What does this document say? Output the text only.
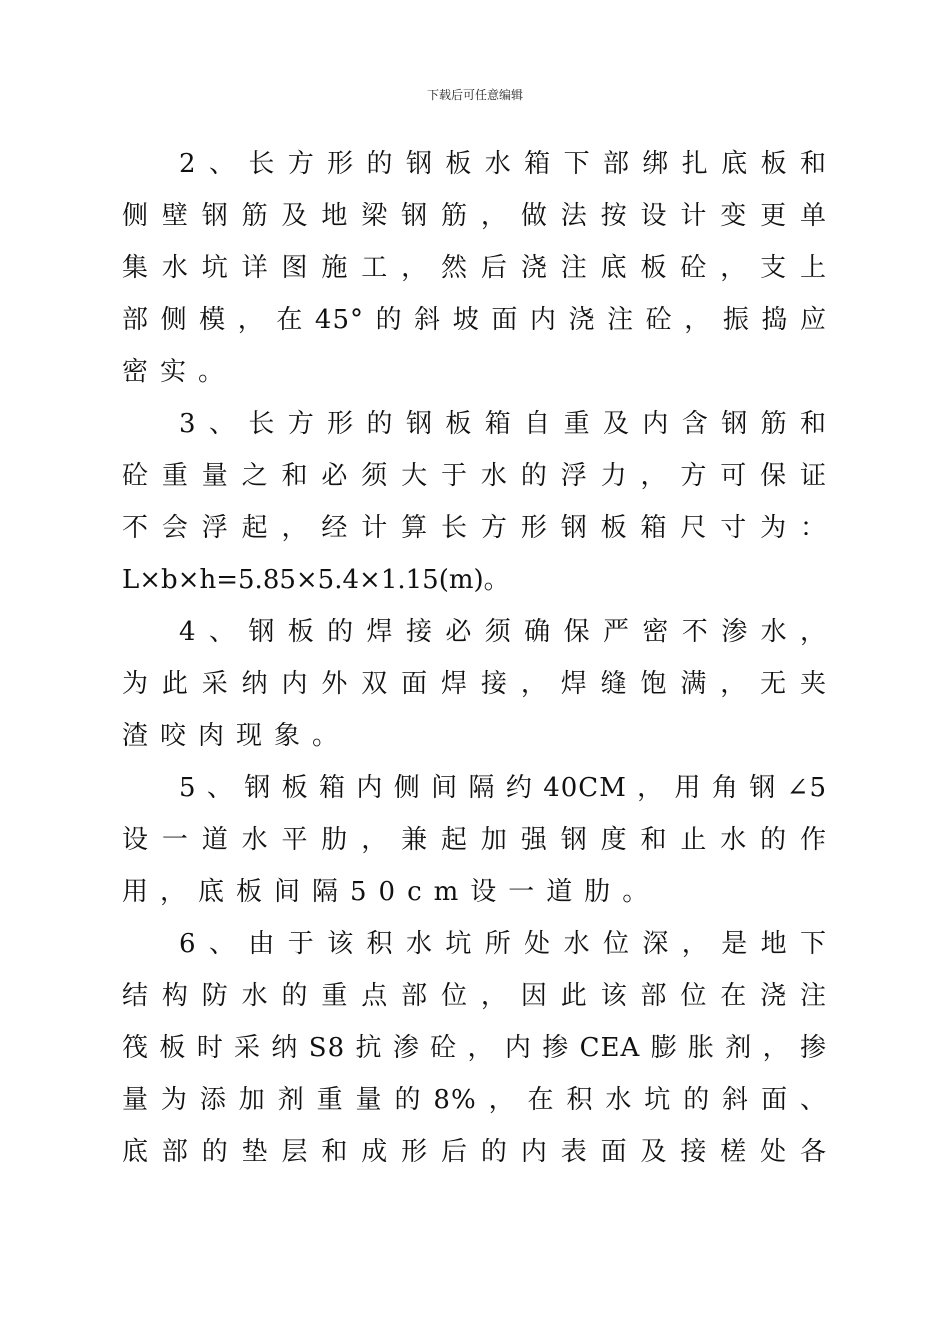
下载后可任意编辑
2、长方形的钢板水箱下部绑扎底板和
侧壁钢筋及地梁钢筋，做法按设计变更单
集水坑详图施工，然后浇注底板砼，支上
部侧模，在45°的斜坡面内浇注砼，振捣应
密实。
3、长方形的钢板箱自重及内含钢筋和
砼重量之和必须大于水的浮力，方可保证
不会浮起，经计算长方形钢板箱尺寸为：
L×b×h=5.85×5.4×1.15(m)。
4、钢板的焊接必须确保严密不渗水，
为此采纳内外双面焊接，焊缝饱满，无夹
渣咬肉现象。
5、钢板箱内侧间隔约40CM，用角钢∠5
设一道水平肋，兼起加强钢度和止水的作
用，底板间隔50cm设一道肋。
6、由于该积水坑所处水位深，是地下
结构防水的重点部位，因此该部位在浇注
筏板时采纳S8抗渗砼，内掺CEA膨胀剂，掺
量为添加剂重量的8%，在积水坑的斜面、
底部的垫层和成形后的内表面及接槎处各
